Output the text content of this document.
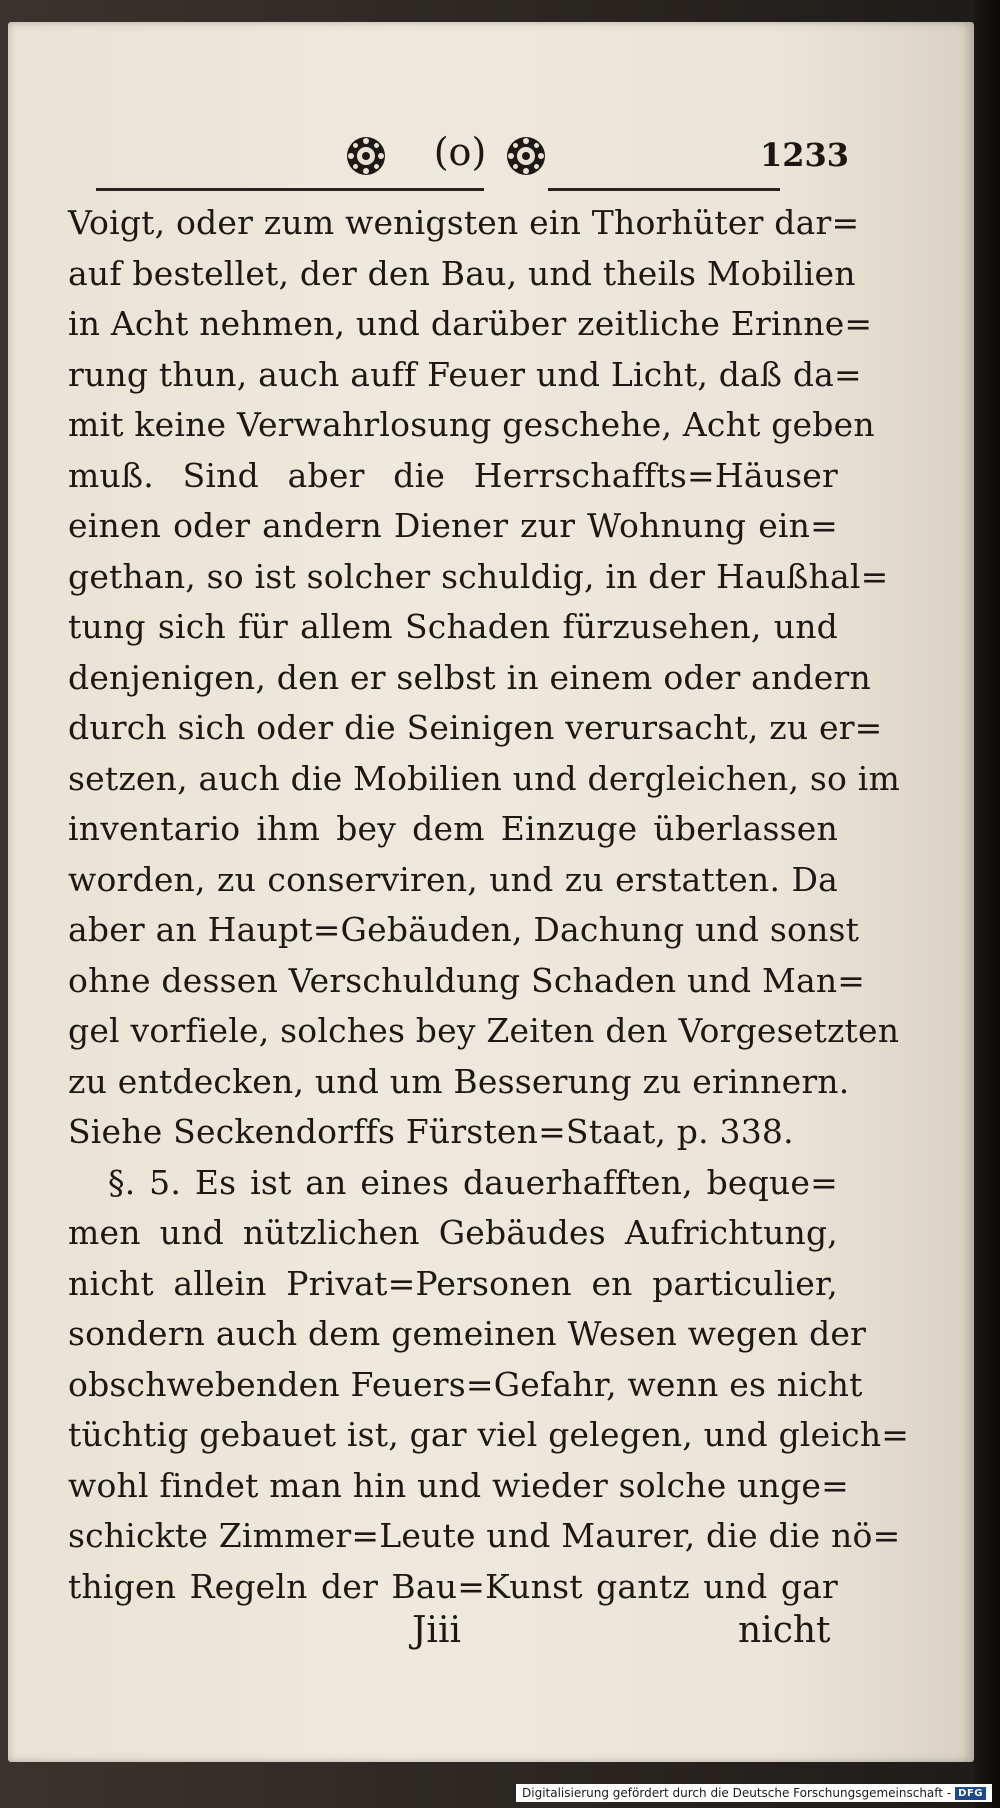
(o)	1233
Voigt, oder zum wenigsten ein Thorhüter dar=
auf bestellet, der den Bau, und theils Mobilien
in Acht nehmen, und darüber zeitliche Erinne=
rung thun, auch auff Feuer und Licht, daß da=
mit keine Verwahrlosung geschehe, Acht geben
muß. Sind aber die Herrschaffts=Häuser
einen oder andern Diener zur Wohnung ein=
gethan, so ist solcher schuldig, in der Haußhal=
tung sich für allem Schaden fürzusehen, und
denjenigen, den er selbst in einem oder andern
durch sich oder die Seinigen verursacht, zu er=
setzen, auch die Mobilien und dergleichen, so im
inventario ihm bey dem Einzuge überlassen
worden, zu conserviren, und zu erstatten. Da
aber an Haupt=Gebäuden, Dachung und sonst
ohne dessen Verschuldung Schaden und Man=
gel vorfiele, solches bey Zeiten den Vorgesetzten
zu entdecken, und um Besserung zu erinnern.
Siehe Seckendorffs Fürsten=Staat, p. 338.
§. 5. Es ist an eines dauerhafften, beque=
men und nützlichen Gebäudes Aufrichtung,
nicht allein Privat=Personen en particulier,
sondern auch dem gemeinen Wesen wegen der
obschwebenden Feuers=Gefahr, wenn es nicht
tüchtig gebauet ist, gar viel gelegen, und gleich=
wohl findet man hin und wieder solche unge=
schickte Zimmer=Leute und Maurer, die die nö=
thigen Regeln der Bau=Kunst gantz und gar
Jiii	nicht
Digitalisierung gefördert durch die Deutsche Forschungsgemeinschaft - DFG
